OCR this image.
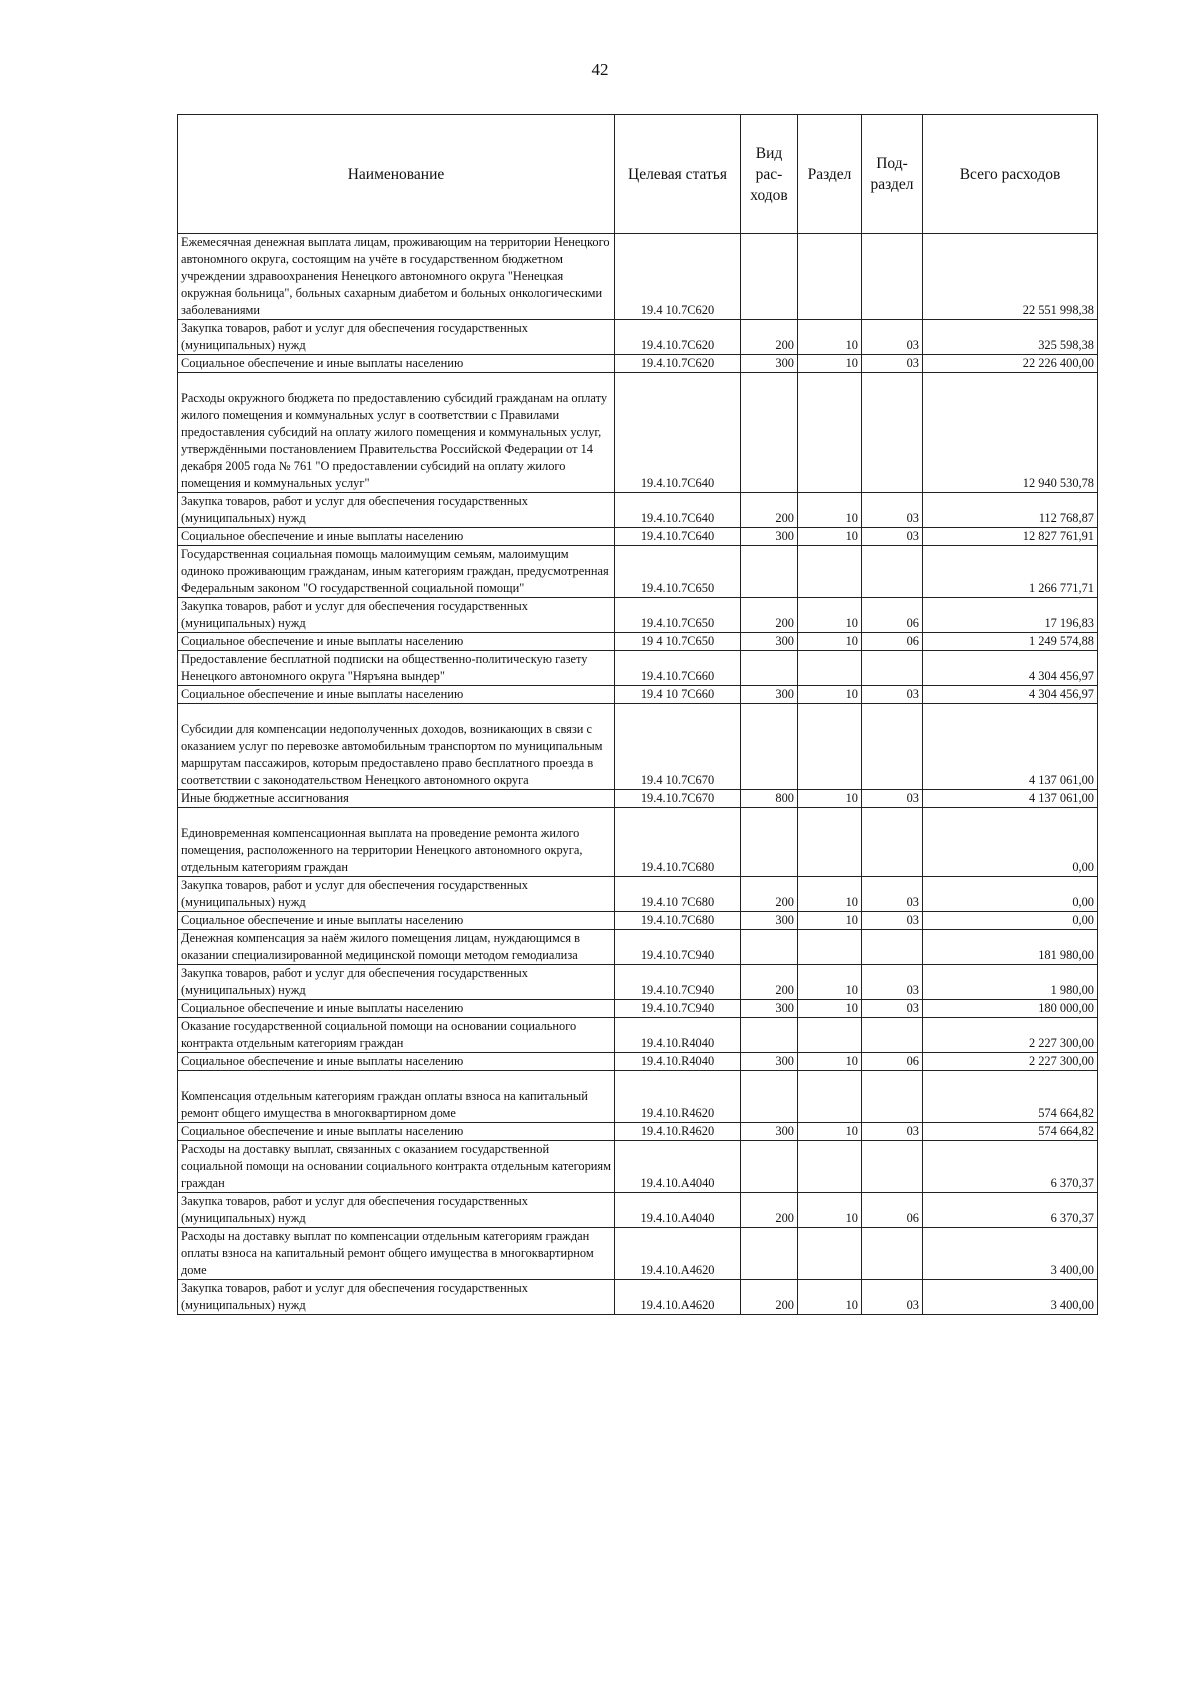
42
Наименование	Целевая статья	Вид рас-ходов	Раздел	Под-раздел	Всего расходов
Ежемесячная денежная выплата лицам, проживающим на территории Ненецкого автономного округа, состоящим на учёте в государственном бюджетном учреждении здравоохранения Ненецкого автономного округа "Ненецкая окружная больница", больных сахарным диабетом и больных онкологическими заболеваниями	19.4 10.7С620				22 551 998,38
Закупка товаров, работ и услуг для обеспечения государственных (муниципальных) нужд	19.4.10.7С620	200	10	03	325 598,38
Социальное обеспечение и иные выплаты населению	19.4.10.7С620	300	10	03	22 226 400,00
Расходы окружного бюджета по предоставлению субсидий гражданам на оплату жилого помещения и коммунальных услуг в соответствии с Правилами предоставления субсидий на оплату жилого помещения и коммунальных услуг, утверждёнными постановлением Правительства Российской Федерации от 14 декабря 2005 года № 761 "О предоставлении субсидий на оплату жилого помещения и коммунальных услуг"	19.4.10.7С640				12 940 530,78
Закупка товаров, работ и услуг для обеспечения государственных (муниципальных) нужд	19.4.10.7С640	200	10	03	112 768,87
Социальное обеспечение и иные выплаты населению	19.4.10.7С640	300	10	03	12 827 761,91
Государственная социальная помощь малоимущим семьям, малоимущим одиноко проживающим гражданам, иным категориям граждан, предусмотренная Федеральным законом "О государственной социальной помощи"	19.4.10.7С650				1 266 771,71
Закупка товаров, работ и услуг для обеспечения государственных (муниципальных) нужд	19.4.10.7С650	200	10	06	17 196,83
Социальное обеспечение и иные выплаты населению	19 4 10.7С650	300	10	06	1 249 574,88
Предоставление бесплатной подписки на общественно-политическую газету Ненецкого автономного округа "Няръяна вындер"	19.4.10.7С660				4 304 456,97
Социальное обеспечение и иные выплаты населению	19.4 10 7С660	300	10	03	4 304 456,97
Субсидии для компенсации недополученных доходов, возникающих в связи с оказанием услуг по перевозке автомобильным транспортом по муниципальным маршрутам пассажиров, которым предоставлено право бесплатного проезда в соответствии с законодательством Ненецкого автономного округа	19.4 10.7С670				4 137 061,00
Иные бюджетные ассигнования	19.4.10.7С670	800	10	03	4 137 061,00
Единовременная компенсационная выплата на проведение ремонта жилого помещения, расположенного на территории Ненецкого автономного округа, отдельным категориям граждан	19.4.10.7С680				0,00
Закупка товаров, работ и услуг для обеспечения государственных (муниципальных) нужд	19.4.10 7С680	200	10	03	0,00
Социальное обеспечение и иные выплаты населению	19.4.10.7С680	300	10	03	0,00
Денежная компенсация за наём жилого помещения лицам, нуждающимся в оказании специализированной медицинской помощи методом гемодиализа	19.4.10.7С940				181 980,00
Закупка товаров, работ и услуг для обеспечения государственных (муниципальных) нужд	19.4.10.7С940	200	10	03	1 980,00
Социальное обеспечение и иные выплаты населению	19.4.10.7С940	300	10	03	180 000,00
Оказание государственной социальной помощи на основании социального контракта отдельным категориям граждан	19.4.10.R4040				2 227 300,00
Социальное обеспечение и иные выплаты населению	19.4.10.R4040	300	10	06	2 227 300,00
Компенсация отдельным категориям граждан оплаты взноса на капитальный ремонт общего имущества в многоквартирном доме	19.4.10.R4620				574 664,82
Социальное обеспечение и иные выплаты населению	19.4.10.R4620	300	10	03	574 664,82
Расходы на доставку выплат, связанных с оказанием государственной социальной помощи на основании социального контракта отдельным категориям граждан	19.4.10.А4040				6 370,37
Закупка товаров, работ и услуг для обеспечения государственных (муниципальных) нужд	19.4.10.А4040	200	10	06	6 370,37
Расходы на доставку выплат по компенсации отдельным категориям граждан оплаты взноса на капитальный ремонт общего имущества в многоквартирном доме	19.4.10.А4620				3 400,00
Закупка товаров, работ и услуг для обеспечения государственных (муниципальных) нужд	19.4.10.А4620	200	10	03	3 400,00
